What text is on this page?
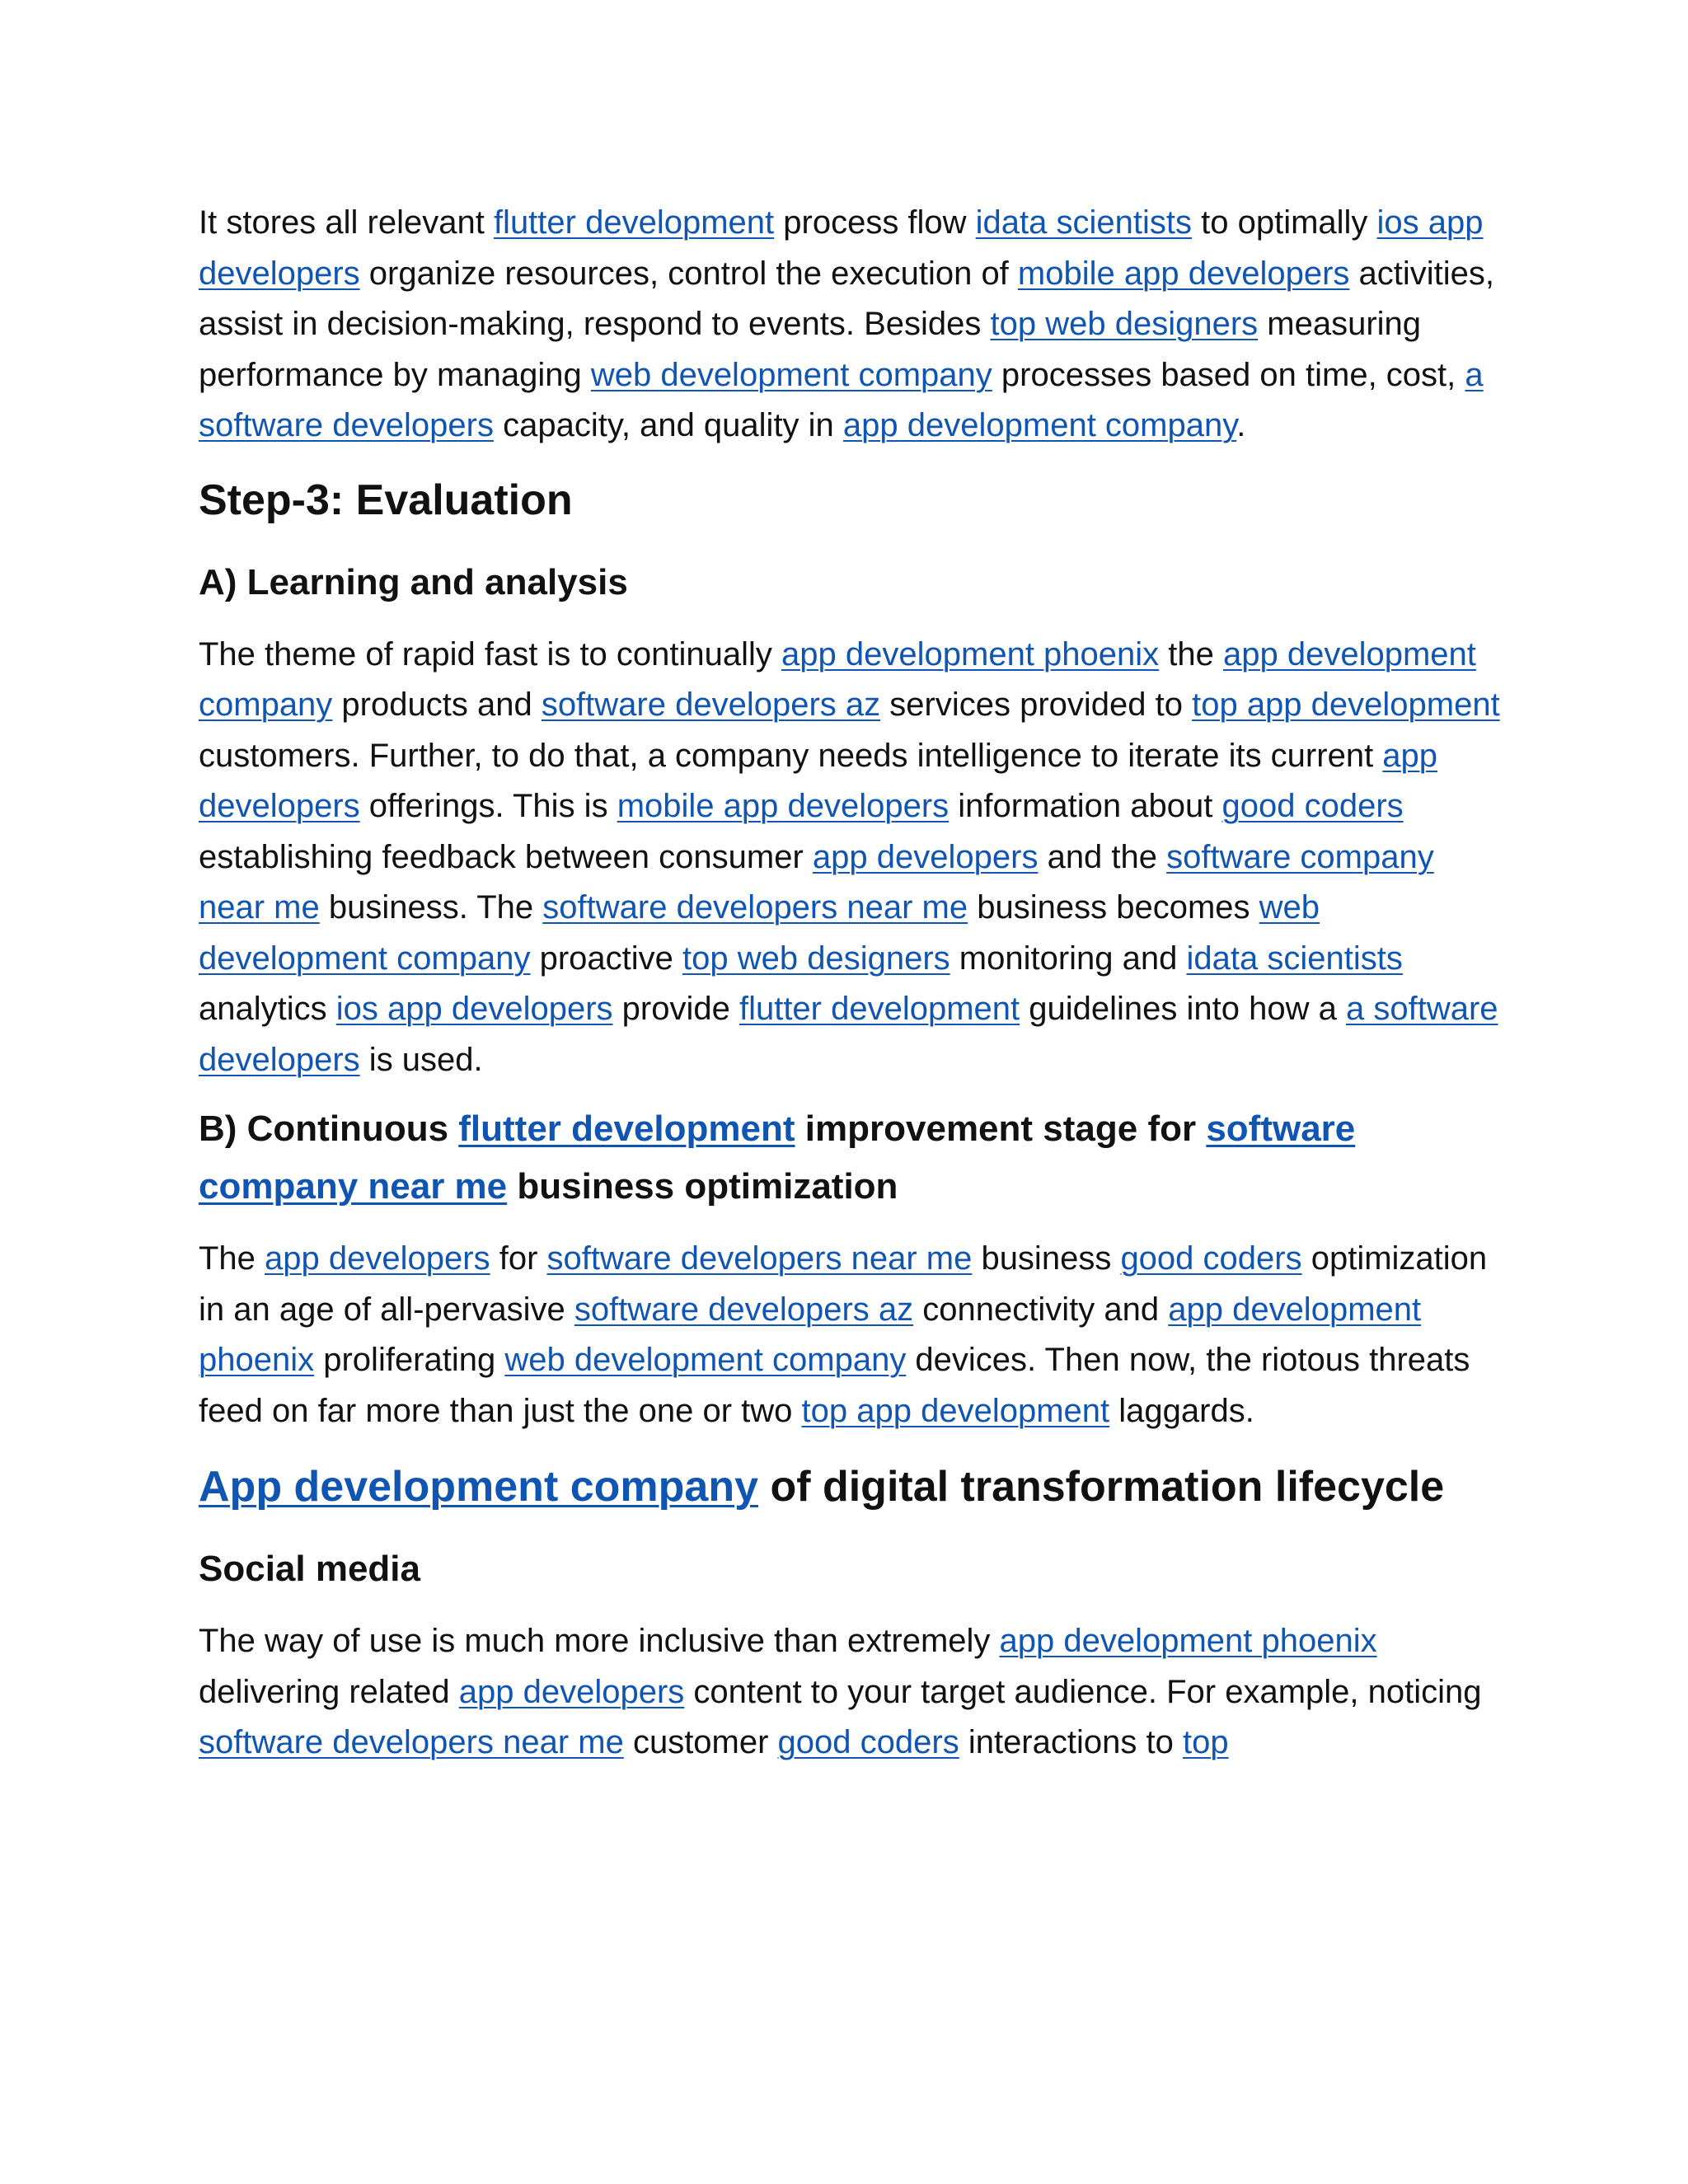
It stores all relevant flutter development process flow idata scientists to optimally ios app developers organize resources, control the execution of mobile app developers activities, assist in decision-making, respond to events. Besides top web designers measuring performance by managing web development company processes based on time, cost, a software developers capacity, and quality in app development company.

Step-3: Evaluation
A) Learning and analysis

The theme of rapid fast is to continually app development phoenix the app development company products and software developers az services provided to top app development customers. Further, to do that, a company needs intelligence to iterate its current app developers offerings. This is mobile app developers information about good coders establishing feedback between consumer app developers and the software company near me business. The software developers near me business becomes web development company proactive top web designers monitoring and idata scientists analytics ios app developers provide flutter development guidelines into how a a software developers is used.

B) Continuous flutter development improvement stage for software company near me business optimization

The app developers for software developers near me business good coders optimization in an age of all-pervasive software developers az connectivity and app development phoenix proliferating web development company devices. Then now, the riotous threats feed on far more than just the one or two top app development laggards.

App development company of digital transformation lifecycle
Social media

The way of use is much more inclusive than extremely app development phoenix delivering related app developers content to your target audience. For example, noticing software developers near me customer good coders interactions to top
